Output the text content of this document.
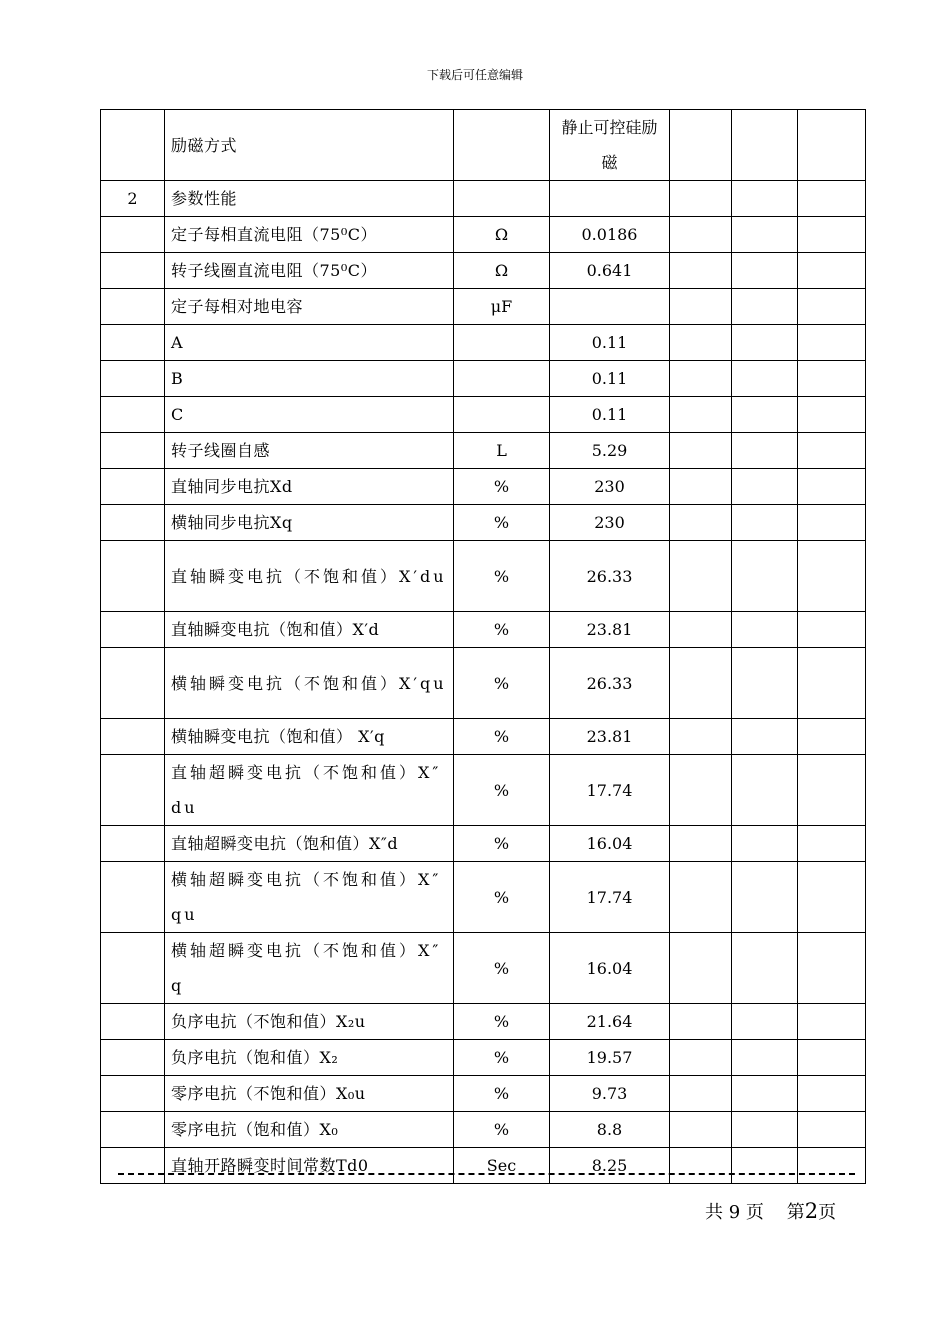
下载后可任意编辑
	励磁方式		静止可控硅励磁			
2	参数性能					
	定子每相直流电阻（75⁰C）	Ω	0.0186			
	转子线圈直流电阻（75⁰C）	Ω	0.641			
	定子每相对地电容	μF				
	A		0.11			
	B		0.11			
	C		0.11			
	转子线圈自感	L	5.29			
	直轴同步电抗Xd	%	230			
	横轴同步电抗Xq	%	230			
	直轴瞬变电抗（不饱和值）X′du	%	26.33			
	直轴瞬变电抗（饱和值）X′d	%	23.81			
	横轴瞬变电抗（不饱和值）X′qu	%	26.33			
	横轴瞬变电抗（饱和值） X′q	%	23.81			
	直轴超瞬变电抗（不饱和值）X″du	%	17.74			
	直轴超瞬变电抗（饱和值）X″d	%	16.04			
	横轴超瞬变电抗（不饱和值）X″qu	%	17.74			
	横轴超瞬变电抗（不饱和值）X″q	%	16.04			
	负序电抗（不饱和值）X₂u	%	21.64			
	负序电抗（饱和值）X₂	%	19.57			
	零序电抗（不饱和值）X₀u	%	9.73			
	零序电抗（饱和值）X₀	%	8.8			
	直轴开路瞬变时间常数Td0	Sec	8.25			
共 9 页 第2页
